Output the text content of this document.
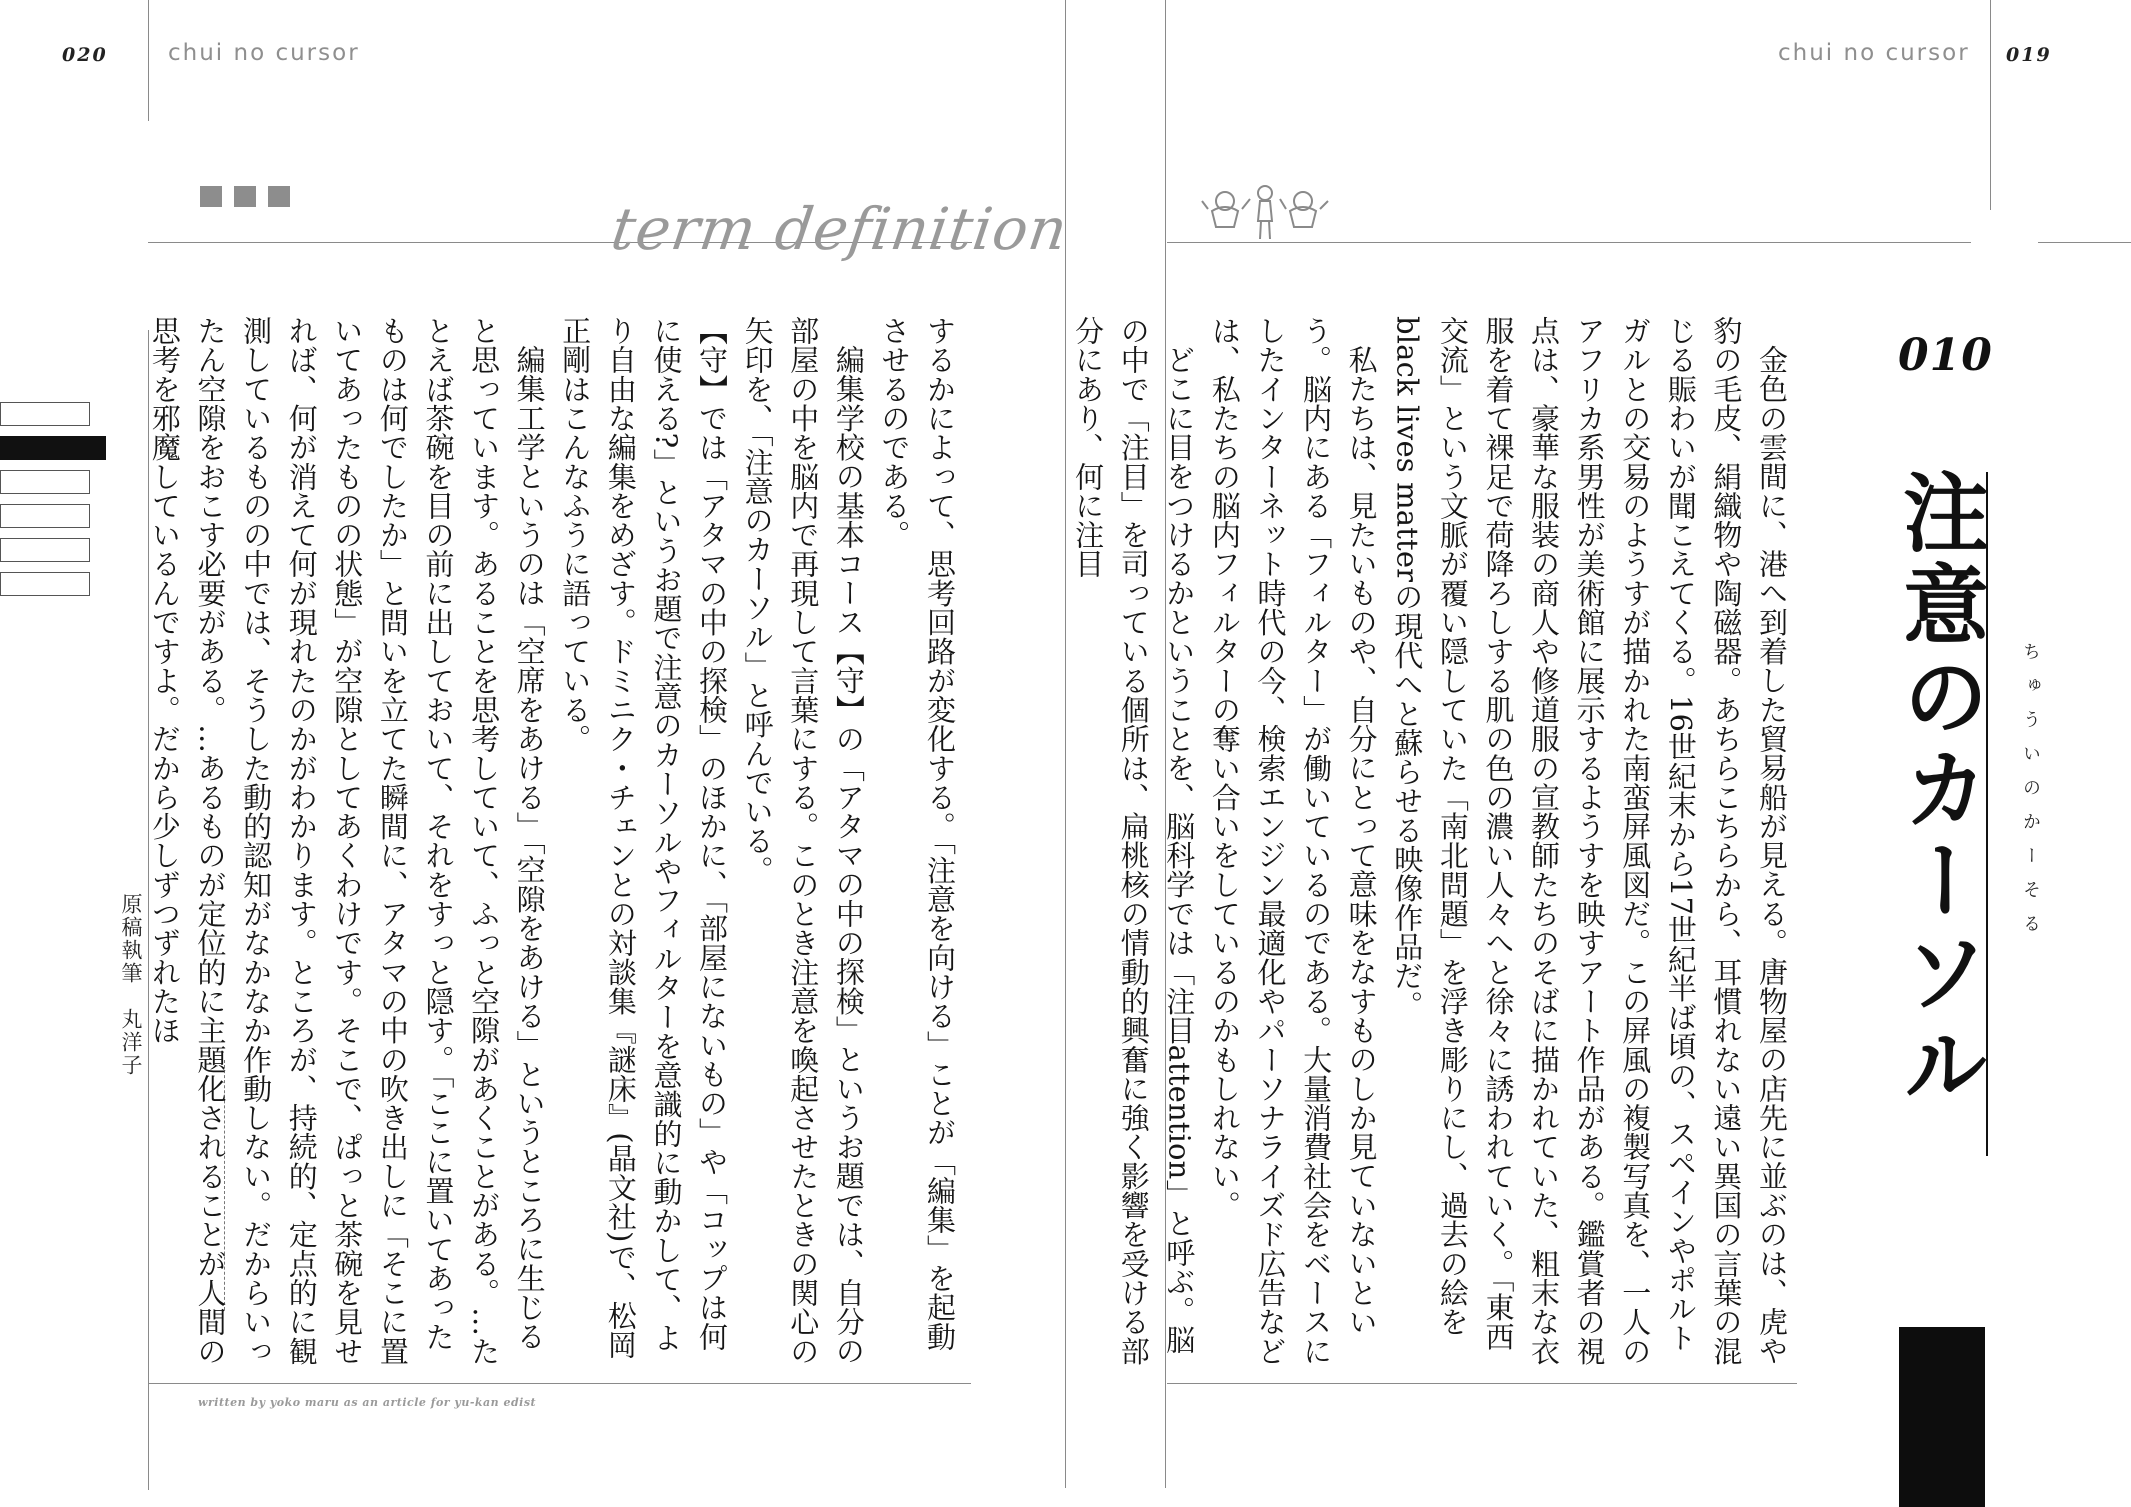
020	chui no cursor
term definition

するかによって、思考回路が変化する。「注意を向ける」ことが「編集」を起動させるのである。

編集学校の基本コース【守】の「アタマの中の探検」というお題では、自分の部屋の中を脳内で再現して言葉にする。このとき注意を喚起させたときの関心の矢印を、「注意のカーソル」と呼んでいる。

【守】では「アタマの中の探検」のほかに、「部屋にないもの」や「コップは何に使える?」というお題で注意のカーソルやフィルターを意識的に動かして、より自由な編集をめざす。ドミニク・チェンとの対談集『謎床』(晶文社)で、松岡正剛はこんなふうに語っている。

編集工学というのは「空席をあける」「空隙をあける」というところに生じると思っています。あることを思考していて、ふっと空隙があくことがある。…たとえば茶碗を目の前に出しておいて、それをすっと隠す。「ここに置いてあったものは何でしたか」と問いを立てた瞬間に、アタマの中の吹き出しに「そこに置いてあったものの状態」が空隙としてあくわけです。そこで、ぱっと茶碗を見せれば、何が消えて何が現れたのかがわかります。ところが、持続的、定点的に観測しているものの中では、そうした動的認知がなかなか作動しない。だからいったん空隙をおこす必要がある。…あるものが定位的に主題化されることが人間の思考を邪魔しているんですよ。だから少しずつずれたほ

原稿執筆　丸洋子
written by yoko maru as an article for yu-kan edist
chui no cursor 019

金色の雲間に、港へ到着した貿易船が見える。唐物屋の店先に並ぶのは、虎や豹の毛皮、絹織物や陶磁器。あちらこちらから、耳慣れない遠い異国の言葉の混じる賑わいが聞こえてくる。16世紀末から17世紀半ば頃の、スペインやポルトガルとの交易のようすが描かれた南蛮屏風図だ。この屏風の複製写真を、一人のアフリカ系男性が美術館に展示するようすを映すアート作品がある。鑑賞者の視点は、豪華な服装の商人や修道服の宣教師たちのそばに描かれていた、粗末な衣服を着て裸足で荷降ろしする肌の色の濃い人々へと徐々に誘われていく。「東西交流」という文脈が覆い隠していた「南北問題」を浮き彫りにし、過去の絵をblack lives matterの現代へと蘇らせる映像作品だ。

私たちは、見たいものや、自分にとって意味をなすものしか見ていないという。脳内にある「フィルター」が働いているのである。大量消費社会をベースにしたインターネット時代の今、検索エンジン最適化やパーソナライズド広告などは、私たちの脳内フィルターの奪い合いをしているのかもしれない。

どこに目をつけるかということを、脳科学では「注目attention」と呼ぶ。脳の中で「注目」を司っている個所は、扁桃核の情動的興奮に強く影響を受ける部分にあり、何に注目	010
注意のカーソル ちゅういのかーそる
